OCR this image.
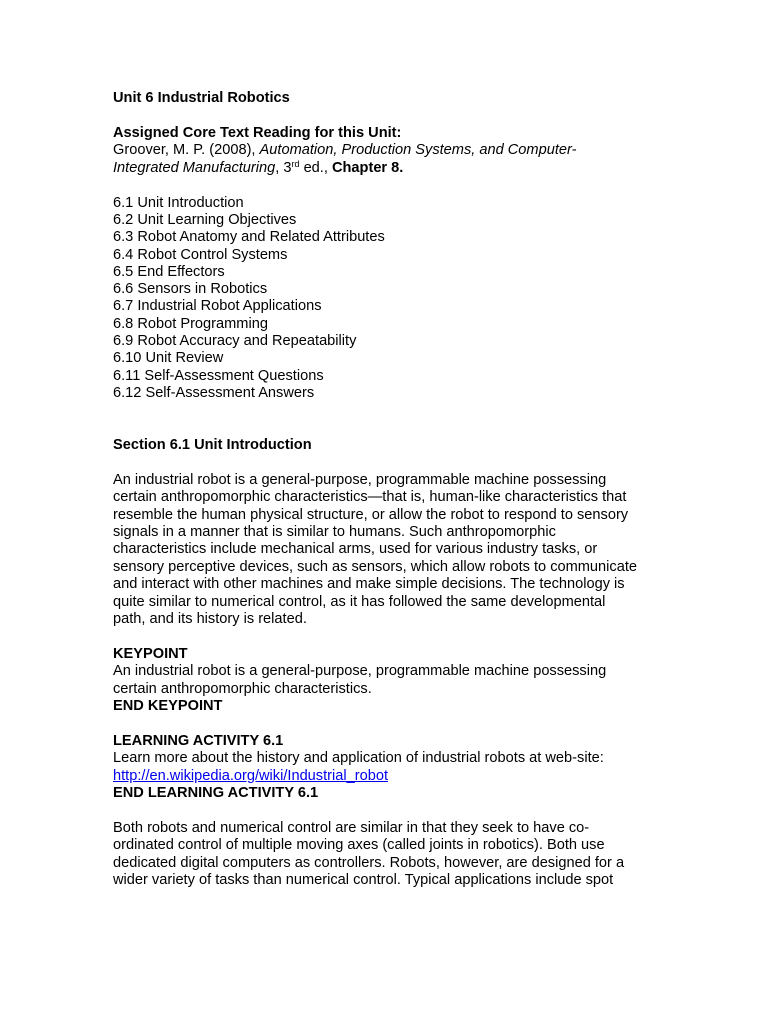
Unit 6 Industrial Robotics
Assigned Core Text Reading for this Unit:
Groover, M. P. (2008), Automation, Production Systems, and Computer-
Integrated Manufacturing, 3rd ed., Chapter 8.
6.1 Unit Introduction
6.2 Unit Learning Objectives
6.3 Robot Anatomy and Related Attributes
6.4 Robot Control Systems
6.5 End Effectors
6.6 Sensors in Robotics
6.7 Industrial Robot Applications
6.8 Robot Programming
6.9 Robot Accuracy and Repeatability
6.10 Unit Review
6.11 Self-Assessment Questions
6.12 Self-Assessment Answers
Section 6.1 Unit Introduction
An industrial robot is a general-purpose, programmable machine possessing
certain anthropomorphic characteristics—that is, human-like characteristics that
resemble the human physical structure, or allow the robot to respond to sensory
signals in a manner that is similar to humans. Such anthropomorphic
characteristics include mechanical arms, used for various industry tasks, or
sensory perceptive devices, such as sensors, which allow robots to communicate
and interact with other machines and make simple decisions. The technology is
quite similar to numerical control, as it has followed the same developmental
path, and its history is related.
KEYPOINT
An industrial robot is a general-purpose, programmable machine possessing
certain anthropomorphic characteristics.
END KEYPOINT
LEARNING ACTIVITY 6.1
Learn more about the history and application of industrial robots at web-site:
http://en.wikipedia.org/wiki/Industrial_robot
END LEARNING ACTIVITY 6.1
Both robots and numerical control are similar in that they seek to have co-
ordinated control of multiple moving axes (called joints in robotics). Both use
dedicated digital computers as controllers. Robots, however, are designed for a
wider variety of tasks than numerical control. Typical applications include spot
